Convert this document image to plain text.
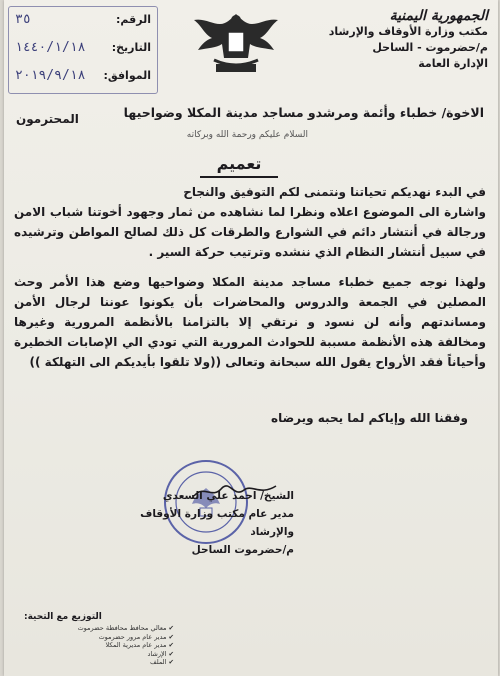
الجمهورية اليمنية
مكتب وزارة الأوقاف والإرشاد
م/حضرموت - الساحل
الإدارة العامة
الرقم:
٣٥
التاريخ:
١٤٤٠/١/١٨
الموافق:
٢٠١٩/٩/١٨
الاخوة/ خطباء وأئمة ومرشدو مساجد مدينة المكلا وضواحيها
المحترمون
السلام عليكم ورحمة الله وبركاته
تعميم
في البدء نهديكم تحياتنا ونتمنى لكم التوفيق والنجاح
واشارة الى الموضوع اعلاه ونظرا لما نشاهده من ثمار وجهود أخوتنا شباب الامن ورجالة في أنتشار دائم في الشوارع والطرقات كل ذلك لصالح المواطن وترشيده في سبيل أنتشار النظام الذي ننشده وترتيب حركة السير .
ولهذا نوجه جميع خطباء مساجد مدينة المكلا وضواحيها وضع هذا الأمر وحث المصلين في الجمعة والدروس والمحاضرات بأن يكونوا عوننا لرجال الأمن ومساندتهم وأنه لن نسود و نرتقي إلا بالتزامنا بالأنظمة المرورية وغيرها ومخالفة هذه الأنظمة مسببة للحوادث المرورية التي تودي الي الإصابات الخطيرة وأحياناً فقد الأرواح يقول الله سبحانة وتعالى ((ولا تلقوا بأيديكم الى التهلكة ))
وفقنا الله وإياكم لما يحبه ويرضاه
الشيخ/ احمد علي السعدي
مدير عام مكتب وزارة الأوقاف والإرشاد
م/حضرموت الساحل
التوزيع مع التحية:
✔ معالي محافظ محافظة حضرموت
✔ مدير عام مرور حضرموت
✔ مدير عام مديرية المكلا
✔ الإرشاد
✔ الملف
